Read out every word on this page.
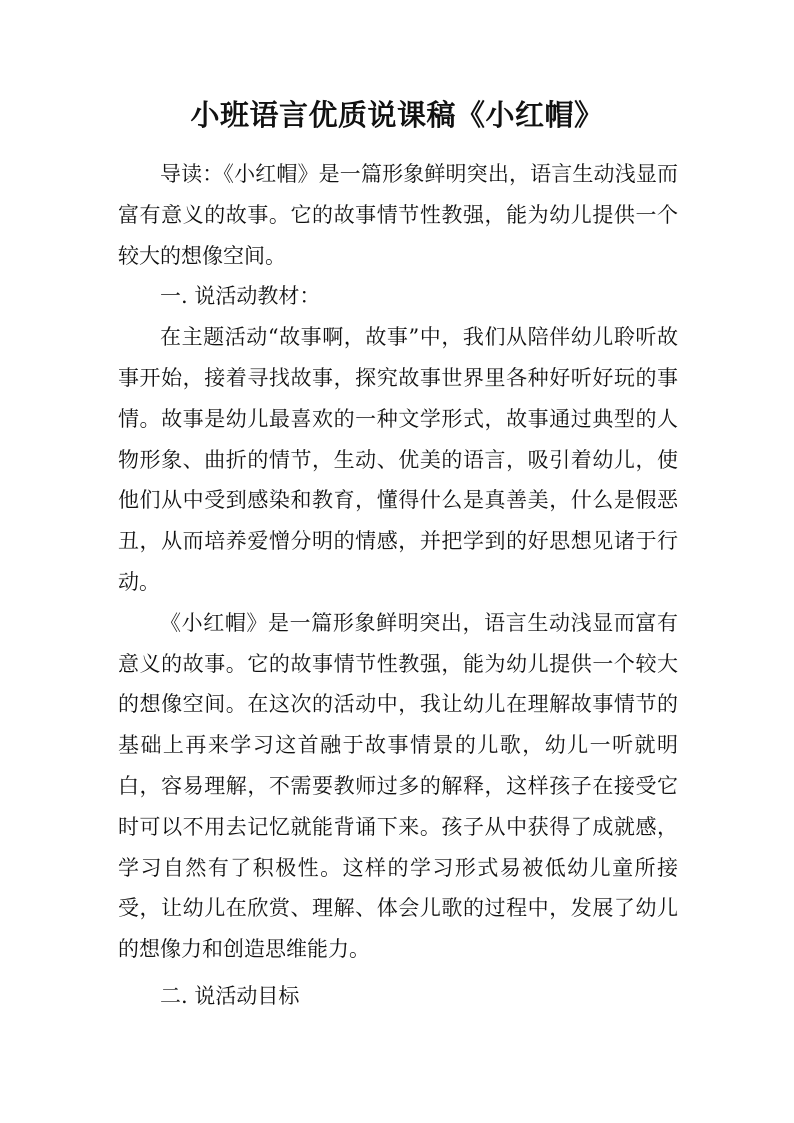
小班语言优质说课稿《小红帽》

导读：《小红帽》是一篇形象鲜明突出，语言生动浅显而富有意义的故事。它的故事情节性教强，能为幼儿提供一个较大的想像空间。

一. 说活动教材：

在主题活动“故事啊，故事”中，我们从陪伴幼儿聆听故事开始，接着寻找故事，探究故事世界里各种好听好玩的事情。故事是幼儿最喜欢的一种文学形式，故事通过典型的人物形象、曲折的情节，生动、优美的语言，吸引着幼儿，使他们从中受到感染和教育，懂得什么是真善美，什么是假恶丑，从而培养爱憎分明的情感，并把学到的好思想见诸于行动。

《小红帽》是一篇形象鲜明突出，语言生动浅显而富有意义的故事。它的故事情节性教强，能为幼儿提供一个较大的想像空间。在这次的活动中，我让幼儿在理解故事情节的基础上再来学习这首融于故事情景的儿歌，幼儿一听就明白，容易理解，不需要教师过多的解释，这样孩子在接受它时可以不用去记忆就能背诵下来。孩子从中获得了成就感，学习自然有了积极性。这样的学习形式易被低幼儿童所接受，让幼儿在欣赏、理解、体会儿歌的过程中，发展了幼儿的想像力和创造思维能力。

二. 说活动目标
